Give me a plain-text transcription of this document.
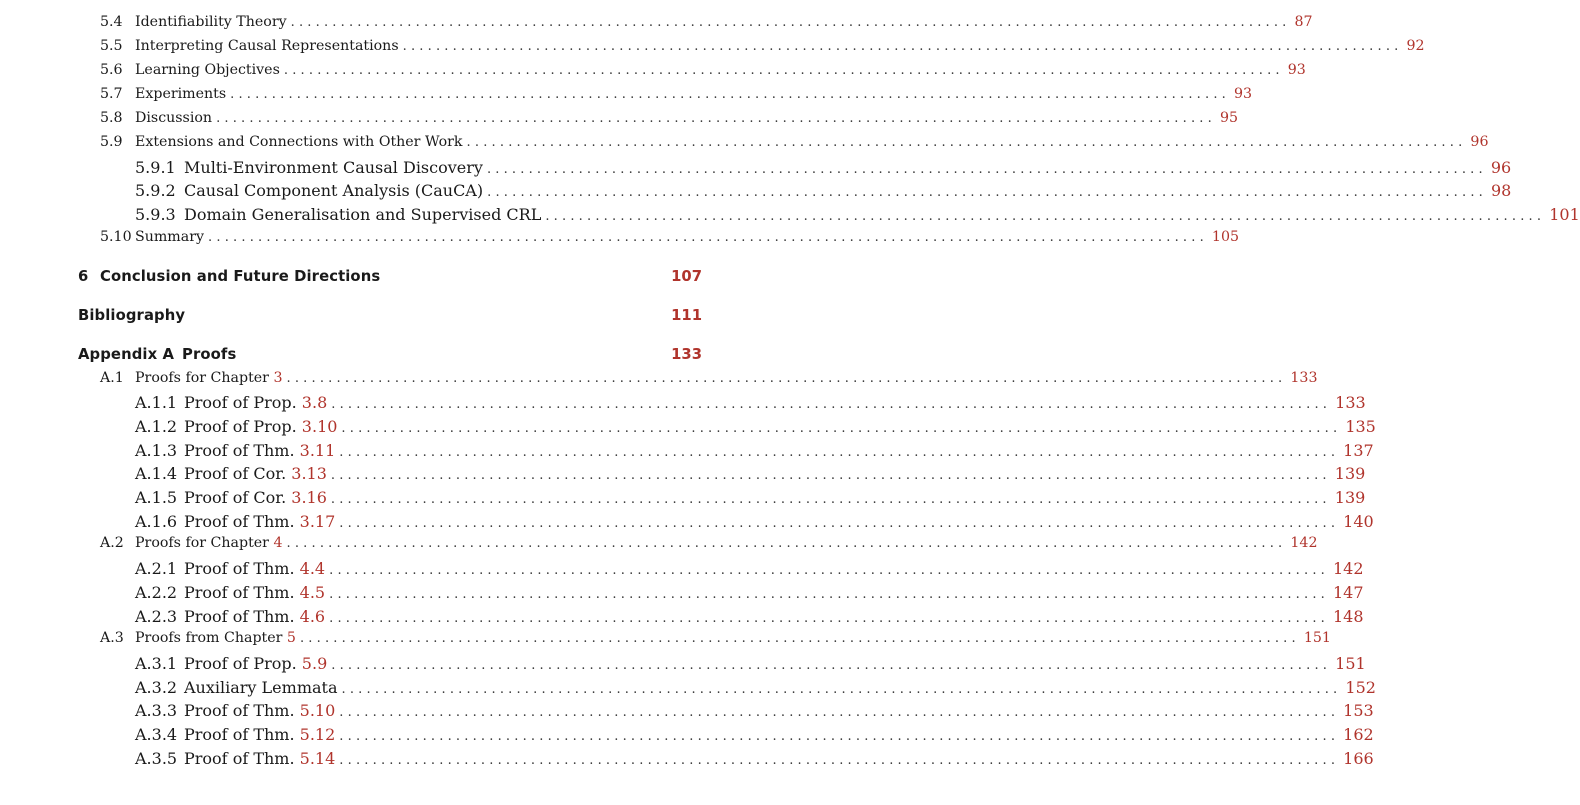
5.4 Identifiability Theory ........................................................................................................................ 87
5.5 Interpreting Causal Representations ........................................................................................................................ 92
5.6 Learning Objectives ........................................................................................................................ 93
5.7 Experiments ........................................................................................................................ 93
5.8 Discussion ........................................................................................................................ 95
5.9 Extensions and Connections with Other Work ........................................................................................................................ 96
5.9.1 Multi-Environment Causal Discovery ........................................................................................................................ 96
5.9.2 Causal Component Analysis (CauCA) ........................................................................................................................ 98
5.9.3 Domain Generalisation and Supervised CRL ........................................................................................................................ 101
5.10 Summary ........................................................................................................................ 105
6 Conclusion and Future Directions	107
Bibliography	111
Appendix A Proofs	133
A.1 Proofs for Chapter 3 ........................................................................................................................ 133
A.1.1 Proof of Prop. 3.8 ........................................................................................................................ 133
A.1.2 Proof of Prop. 3.10 ........................................................................................................................ 135
A.1.3 Proof of Thm. 3.11 ........................................................................................................................ 137
A.1.4 Proof of Cor. 3.13 ........................................................................................................................ 139
A.1.5 Proof of Cor. 3.16 ........................................................................................................................ 139
A.1.6 Proof of Thm. 3.17 ........................................................................................................................ 140
A.2 Proofs for Chapter 4 ........................................................................................................................ 142
A.2.1 Proof of Thm. 4.4 ........................................................................................................................ 142
A.2.2 Proof of Thm. 4.5 ........................................................................................................................ 147
A.2.3 Proof of Thm. 4.6 ........................................................................................................................ 148
A.3 Proofs from Chapter 5 ........................................................................................................................ 151
A.3.1 Proof of Prop. 5.9 ........................................................................................................................ 151
A.3.2 Auxiliary Lemmata ........................................................................................................................ 152
A.3.3 Proof of Thm. 5.10 ........................................................................................................................ 153
A.3.4 Proof of Thm. 5.12 ........................................................................................................................ 162
A.3.5 Proof of Thm. 5.14 ........................................................................................................................ 166
